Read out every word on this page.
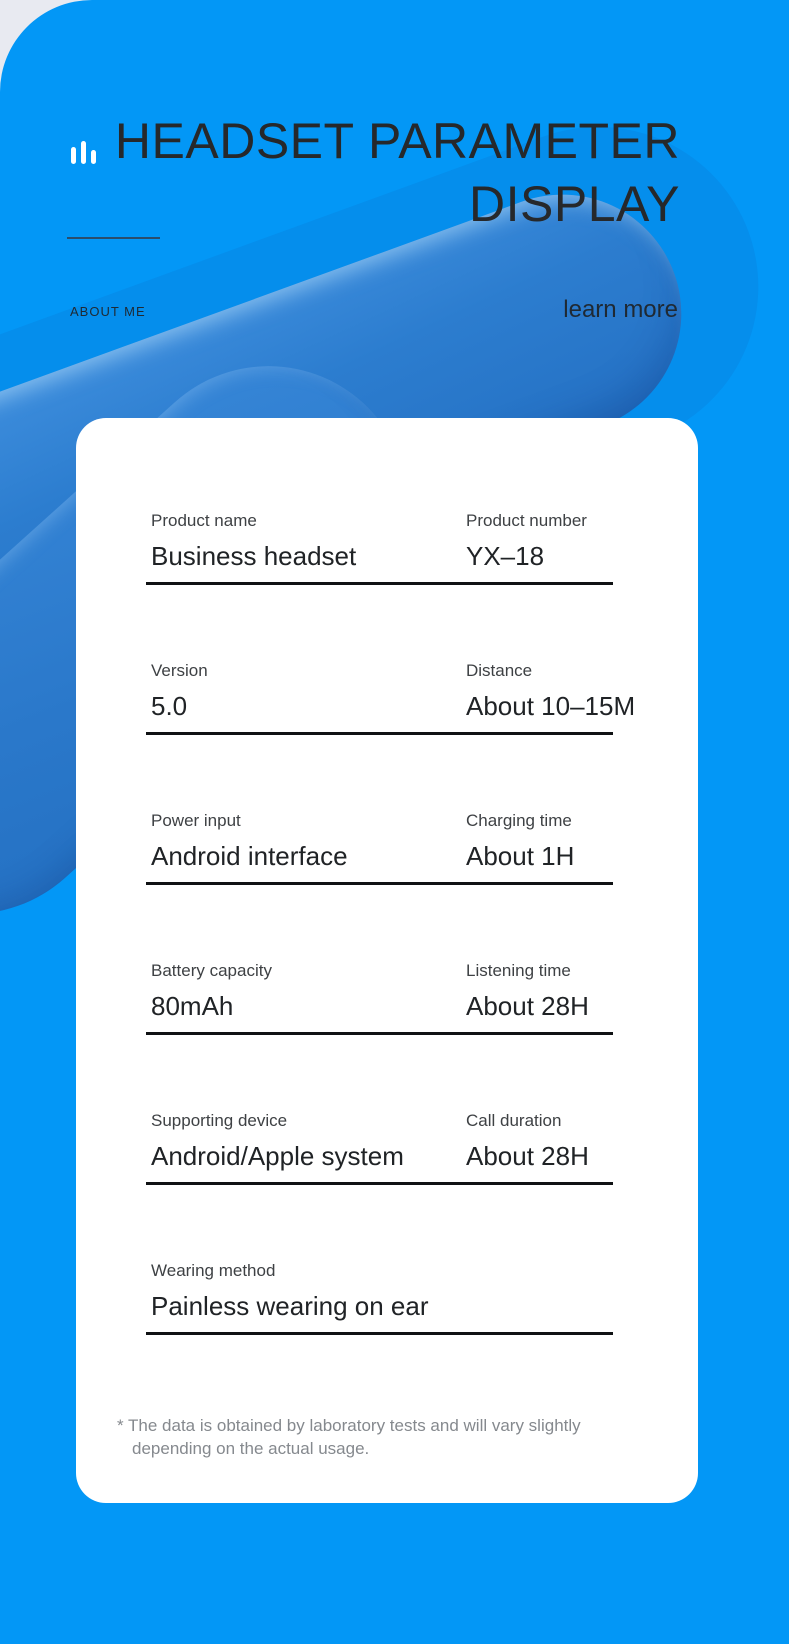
HEADSET PARAMETER
DISPLAY
ABOUT ME	learn more
Product name
Business headset
Product number
YX–18
Version
5.0
Distance
About 10–15M
Power input
Android interface
Charging time
About 1H
Battery capacity
80mAh
Listening time
About 28H
Supporting device
Android/Apple system
Call duration
About 28H
Wearing method
Painless wearing on ear
* The data is obtained by laboratory tests and will vary slightly
depending on the actual usage.
